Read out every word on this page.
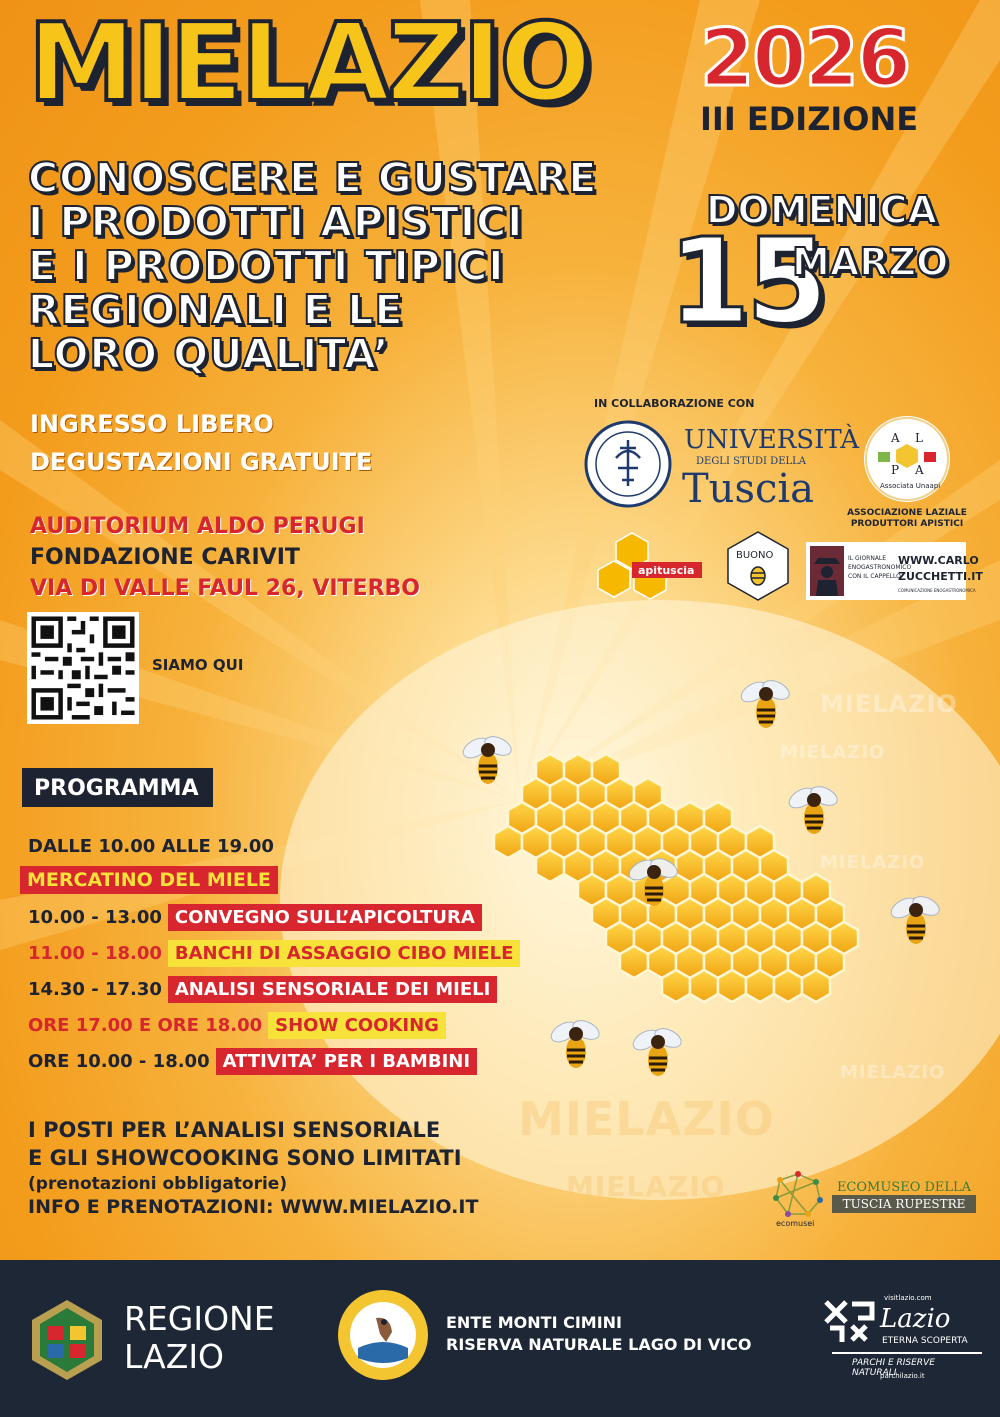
MIELAZIO
MIELAZIO
MIELAZIO
MIELAZIO
MIELAZIO
MIELAZIO
MIELAZIO 2026
III EDIZIONE
CONOSCERE E GUSTARE
I PRODOTTI APISTICI
E I PRODOTTI TIPICI
REGIONALI E LE
LORO QUALITA’
DOMENICA
15
MARZO
INGRESSO LIBERO
DEGUSTAZIONI GRATUITE
AUDITORIUM ALDO PERUGI
FONDAZIONE CARIVIT
VIA DI VALLE FAUL 26, VITERBO
SIAMO QUI
IN COLLABORAZIONE CON
UNIVERSITÀ
DEGLI STUDI DELLA
Tuscia
A L
P A
Associata Unaapi
ASSOCIAZIONE LAZIALE
PRODUTTORI APISTICI
apituscia
BUONO	IL GIORNALE
ENOGASTRONOMICO
CON IL CAPPELLO
WWW.CARLO
ZUCCHETTI.IT
COMUNICAZIONE ENOGASTRONOMICA
PROGRAMMA
DALLE 10.00 ALLE 19.00
MERCATINO DEL MIELE
10.00 - 13.00 CONVEGNO SULL’APICOLTURA
11.00 - 18.00 BANCHI DI ASSAGGIO CIBO MIELE
14.30 - 17.30 ANALISI SENSORIALE DEI MIELI
ORE 17.00 E ORE 18.00 SHOW COOKING
ORE 10.00 - 18.00 ATTIVITA’ PER I BAMBINI
I POSTI PER L’ANALISI SENSORIALE
E GLI SHOWCOOKING SONO LIMITATI
(prenotazioni obbligatorie)
INFO E PRENOTAZIONI: WWW.MIELAZIO.IT
ecomusei
ECOMUSEO DELLA
TUSCIA RUPESTRE
REGIONE
LAZIO
ENTE MONTI CIMINI
RISERVA NATURALE LAGO DI VICO
visitlazio.com
Lazio
ETERNA SCOPERTA
PARCHI E RISERVE NATURALI
parchilazio.it
